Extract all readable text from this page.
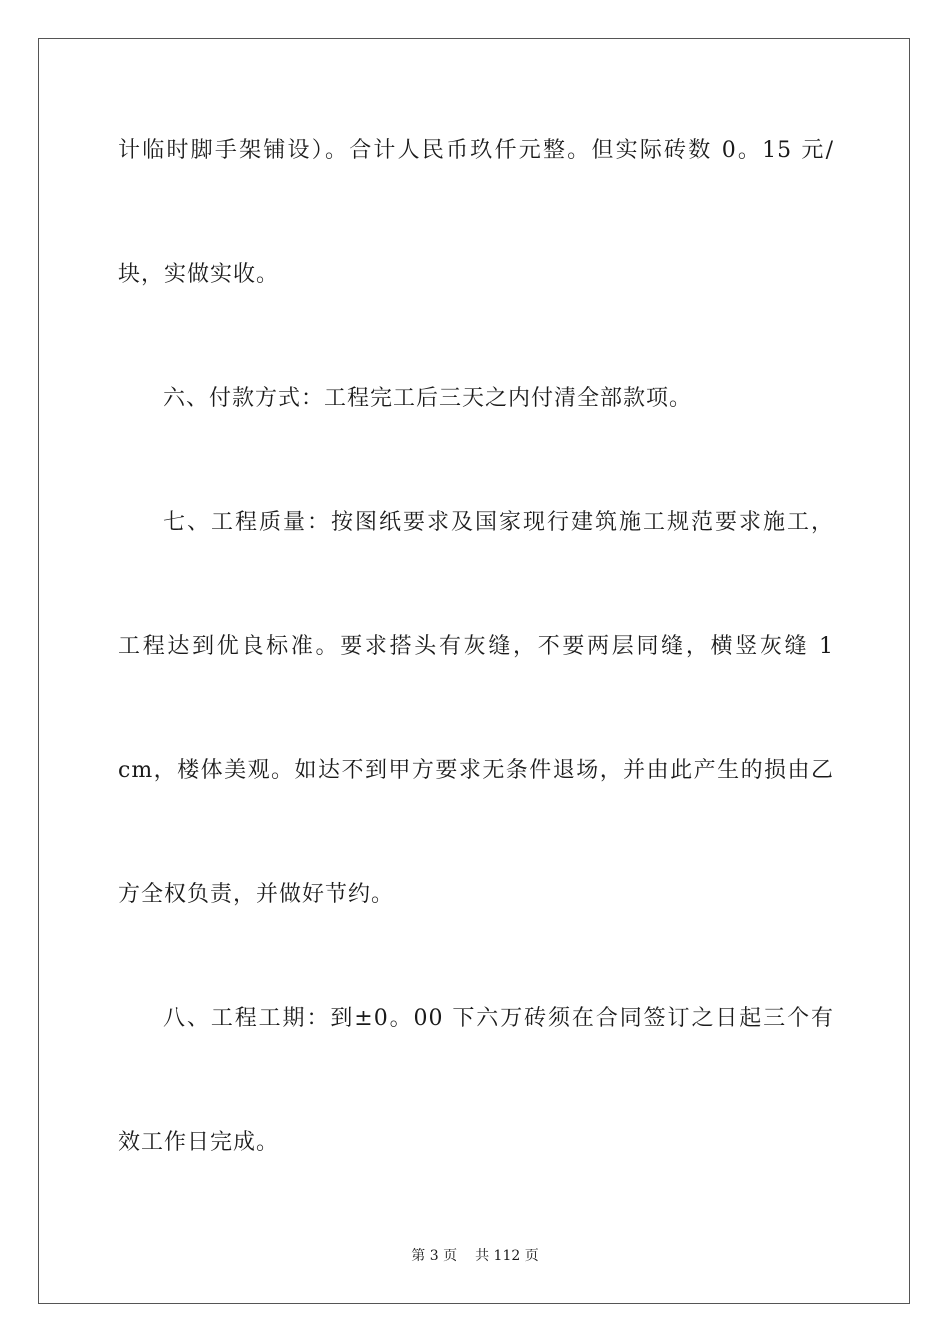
计临时脚手架铺设）。合计人民币玖仟元整。但实际砖数 0。15 元/
块，实做实收。
六、付款方式：工程完工后三天之内付清全部款项。
七、工程质量：按图纸要求及国家现行建筑施工规范要求施工，
工程达到优良标准。要求搭头有灰缝，不要两层同缝，横竖灰缝 1
cm，楼体美观。如达不到甲方要求无条件退场，并由此产生的损由乙
方全权负责，并做好节约。
八、工程工期：到±0。00 下六万砖须在合同签订之日起三个有
效工作日完成。
第 3 页 共 112 页
